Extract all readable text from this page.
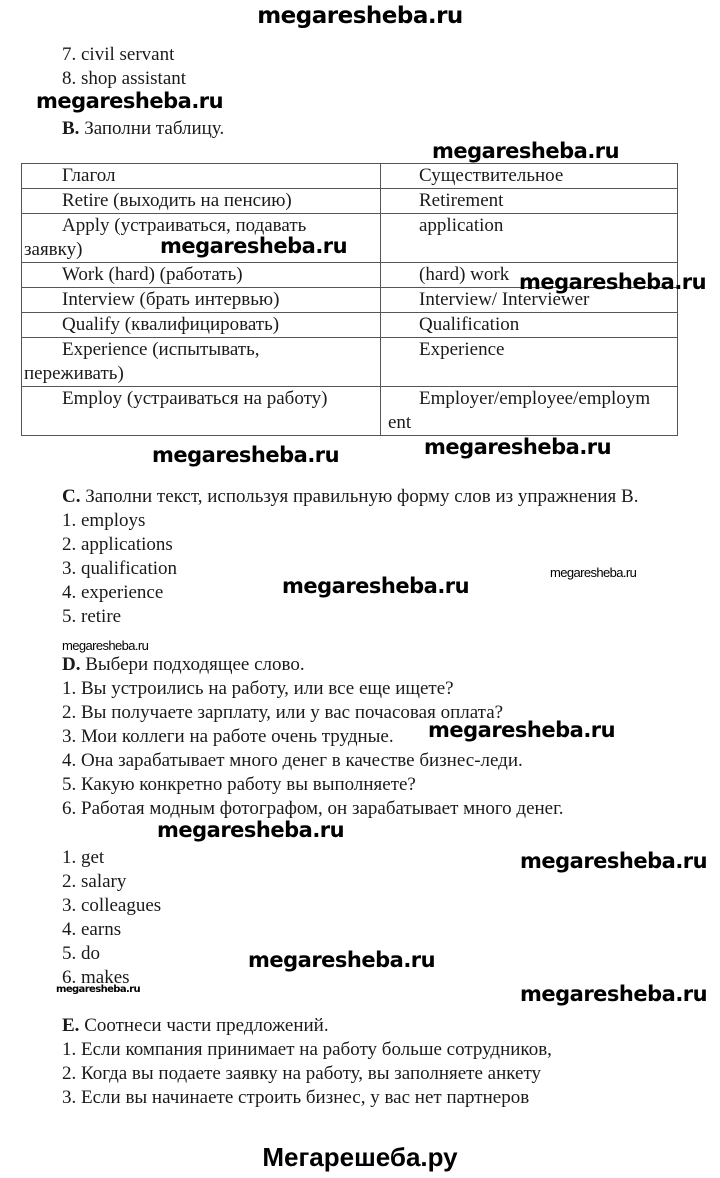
megaresheba.ru
7. civil servant
8. shop assistant
megaresheba.ru
B. Заполни таблицу.
megaresheba.ru
Глагол	Существительное

Retire (выходить на пенсию)	Retirement

Apply (устраиваться, подавать заявку)	application

Work (hard) (работать)	(hard) work

Interview (брать интервью)	Interview/ Interviewer

Qualify (квалифицировать)	Qualification

Experience (испытывать, переживать)	Experience

Employ (устраиваться на работу)	Employer/employee/employment
megaresheba.ru
megaresheba.ru
megaresheba.ru
megaresheba.ru
C. Заполни текст, используя правильную форму слов из упражнения B.
1. employs
2. applications
3. qualification
4. experience
5. retire
megaresheba.ru
megaresheba.ru
megaresheba.ru
D. Выбери подходящее слово.
1. Вы устроились на работу, или все еще ищете?
2. Вы получаете зарплату, или у вас почасовая оплата?
3. Мои коллеги на работе очень трудные.
4. Она зарабатывает много денег в качестве бизнес-леди.
5. Какую конкретно работу вы выполняете?
6. Работая модным фотографом, он зарабатывает много денег.
megaresheba.ru
megaresheba.ru
1. get
2. salary
3. colleagues
4. earns
5. do
6. makes
megaresheba.ru
megaresheba.ru
megaresheba.ru	megaresheba.ru
E. Соотнеси части предложений.
1. Если компания принимает на работу больше сотрудников,
2. Когда вы подаете заявку на работу, вы заполняете анкету
3. Если вы начинаете строить бизнес, у вас нет партнеров
Мегарешеба.ру
